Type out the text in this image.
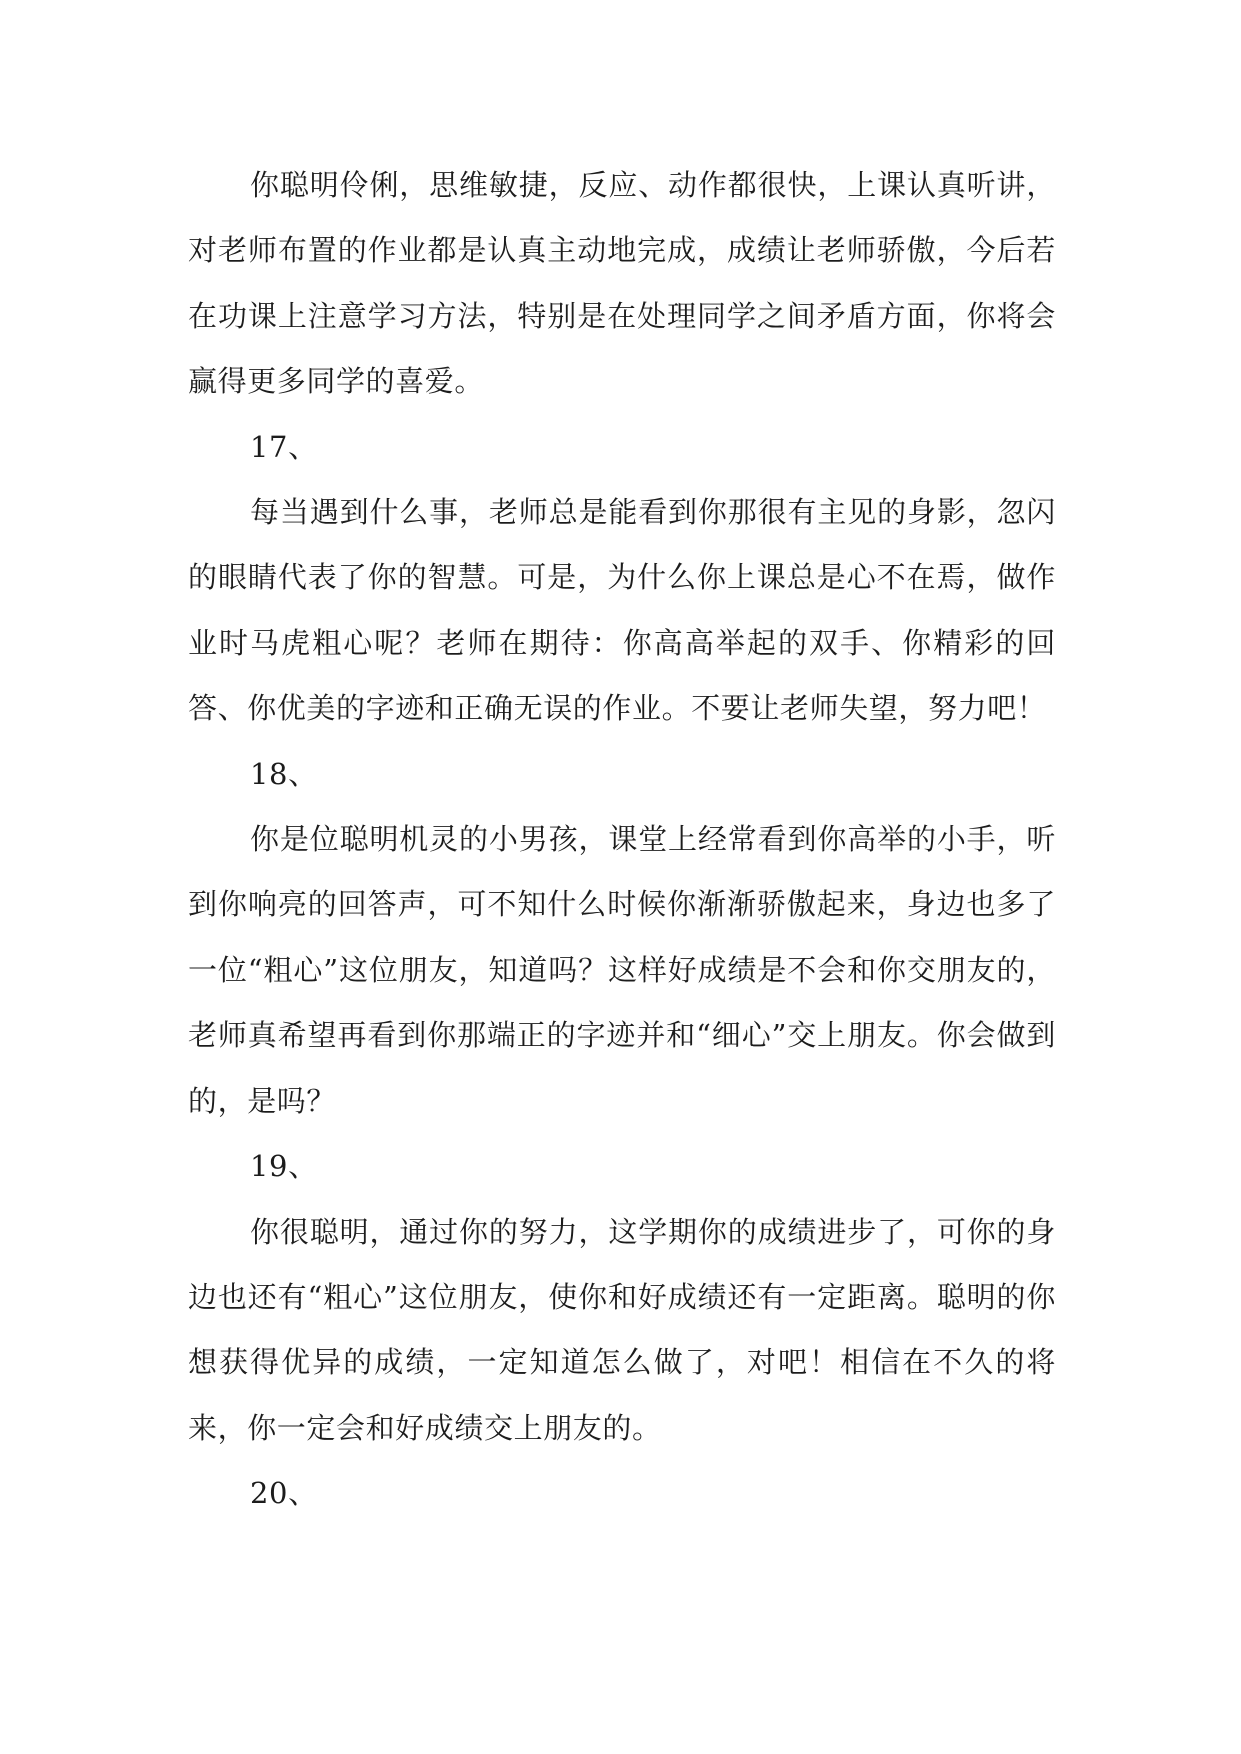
你聪明伶俐，思维敏捷，反应、动作都很快，上课认真听讲，对老师布置的作业都是认真主动地完成，成绩让老师骄傲，今后若在功课上注意学习方法，特别是在处理同学之间矛盾方面，你将会赢得更多同学的喜爱。

17、

每当遇到什么事，老师总是能看到你那很有主见的身影，忽闪的眼睛代表了你的智慧。可是，为什么你上课总是心不在焉，做作业时马虎粗心呢？老师在期待：你高高举起的双手、你精彩的回答、你优美的字迹和正确无误的作业。不要让老师失望，努力吧！

18、

你是位聪明机灵的小男孩，课堂上经常看到你高举的小手，听到你响亮的回答声，可不知什么时候你渐渐骄傲起来，身边也多了一位“粗心”这位朋友，知道吗？这样好成绩是不会和你交朋友的，老师真希望再看到你那端正的字迹并和“细心”交上朋友。你会做到的，是吗？

19、

你很聪明，通过你的努力，这学期你的成绩进步了，可你的身边也还有“粗心”这位朋友，使你和好成绩还有一定距离。聪明的你想获得优异的成绩，一定知道怎么做了，对吧！相信在不久的将来，你一定会和好成绩交上朋友的。

20、
